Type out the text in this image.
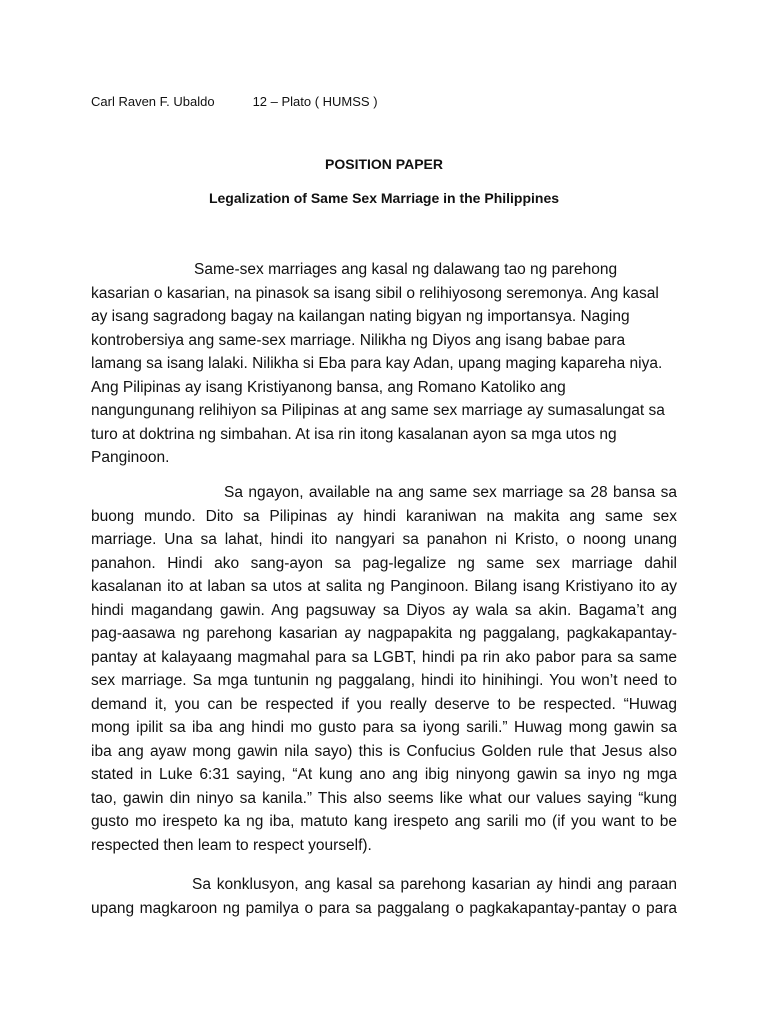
Carl Raven F. Ubaldo	12 – Plato ( HUMSS )
POSITION PAPER
Legalization of Same Sex Marriage in the Philippines

Same-sex marriages ang kasal ng dalawang tao ng parehong
kasarian o kasarian, na pinasok sa isang sibil o relihiyosong seremonya. Ang kasal
ay isang sagradong bagay na kailangan nating bigyan ng importansya. Naging
kontrobersiya ang same-sex marriage. Nilikha ng Diyos ang isang babae para
lamang sa isang lalaki. Nilikha si Eba para kay Adan, upang maging kapareha niya.
Ang Pilipinas ay isang Kristiyanong bansa, ang Romano Katoliko ang
nangungunang relihiyon sa Pilipinas at ang same sex marriage ay sumasalungat sa
turo at doktrina ng simbahan. At isa rin itong kasalanan ayon sa mga utos ng
Panginoon.

Sa ngayon, available na ang same sex marriage sa 28 bansa sa
buong mundo. Dito sa Pilipinas ay hindi karaniwan na makita ang same sex
marriage. Una sa lahat, hindi ito nangyari sa panahon ni Kristo, o noong unang
panahon. Hindi ako sang-ayon sa pag-legalize ng same sex marriage dahil
kasalanan ito at laban sa utos at salita ng Panginoon. Bilang isang Kristiyano ito ay
hindi magandang gawin. Ang pagsuway sa Diyos ay wala sa akin. Bagama’t ang
pag-aasawa ng parehong kasarian ay nagpapakita ng paggalang, pagkakapantay-
pantay at kalayaang magmahal para sa LGBT, hindi pa rin ako pabor para sa same
sex marriage. Sa mga tuntunin ng paggalang, hindi ito hinihingi. You won’t need to
demand it, you can be respected if you really deserve to be respected. “Huwag
mong ipilit sa iba ang hindi mo gusto para sa iyong sarili.” Huwag mong gawin sa
iba ang ayaw mong gawin nila sayo) this is Confucius Golden rule that Jesus also
stated in Luke 6:31 saying, “At kung ano ang ibig ninyong gawin sa inyo ng mga
tao, gawin din ninyo sa kanila.” This also seems like what our values saying “kung
gusto mo irespeto ka ng iba, matuto kang irespeto ang sarili mo (if you want to be
respected then leam to respect yourself).

Sa konklusyon, ang kasal sa parehong kasarian ay hindi ang paraan
upang magkaroon ng pamilya o para sa paggalang o pagkakapantay-pantay o para
